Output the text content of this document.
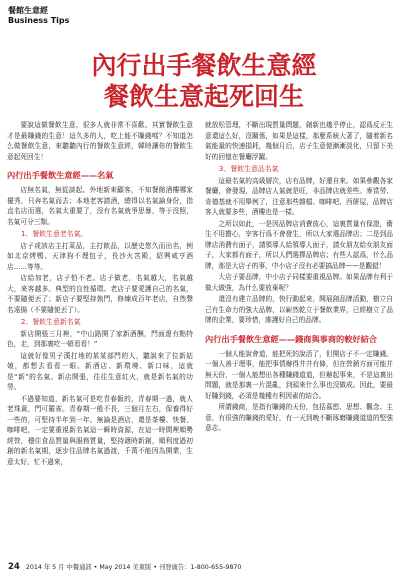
餐館生意經
Business Tips
內行出手餐飲生意經
餐飲生意起死回生

要說這做餐飲生意，很多人就非常不喜歡。其實餐飲生意才是最賺錢的生意！這久多的人，吃上能不賺錢嗎？不知道怎么做餐飲生意，來聽聽內行的餐飲生意經，韓時讓你的餐飲生意起死回生！

內行出手餐飲生意經——名氣

店無名氣，無從談起。外地新來顧客，不知餐館酒樓哪家優秀，只奔名氣而去；本地老客請酒，總得以名氣論身份，指直名店而選，名氣太重要了，沒有名氣就爭思暴，等于沒照，名氣可分三類。

1、餐飲生意老名氣。

店子或該店主打菜品，主打飲品，以歷史悠久而出名，例如北京烤鴨、天津狗不理包子，長沙火宮殿，紹興咸亨酒店……等等。

店給加老，店子怕不老。店子做老，名氣越大，名氣越大，來客越多。典型的良性循環。老店子要愛護自己的名氣，不要隨便丟了；新店子要堅持執門，修煉成百年老店，自然聲名遠揚（不要隨便丟了）。

2、餐飲生意新名氣

新店開張三月裡，“中山路開了家新酒酬，門面遼有點特色，走，到那裏吃一頓看看！”

這就好像男子漢打地的某某部門的人，聽說來了位新姑娘，都想去看看一眼。新酒店、新環境、新口味，這就是“新”的名氣。新店開張，往往生意紅火，就是新名氣的功勞。

不過要知道，新名氣可是吃青春飯的，青春期一過，就人老珠黃，門可羅雀。青春期一般不長，三個月左右，保養得好一些的，可堅持半年到一年。無論是酒店，還是茶樓、快餐、咖啡吧，一定要重視新名氣這一瞬時資源，在這一時間裡順勢經營，穩住食品質量與服務質量，堅持適時新創，順利度過初創的新名氣期，逐步往品牌名氣過渡，千萬不能因為開業，生意太好，忙不過來，

就放松管理，不斷出現質量問題，創新也幾乎停止，認爲反正生意還這么好，沒關係，如果是這樣，那麼系統大著了，隨着新名氣能量的快速損耗，幾個月后，店子生意便漸漸淡化，只留下美好的回憶在餐廳浮躍。

3、餐飲生意品名氣

這最名氣的高級層次，店有品牌，好運自來。如果參觀各家餐廳，會發現，品牌店人氣就是旺，非品牌店就差些。麥當勞、肯德基就不用舉例了，注意那些雜檔、咖啡吧、西餅屋，品牌店客人就要多些，酒樓也是一樣。

之所以如此，一是因品牌店消費放心，這裏質量有保證，衛生不用擔心，宰客行爲不會發生，所以大家選品牌店；二是到品牌店消費有面子，請領導人給領導人面子，請女朋友給女朋友面子，大家都有面子，所以人們選擇品牌店；有些人認爲，什么品牌，那是大店子的事，中小店子沒有必要搞品牌——是觀錯！

大店子要品牌，中小店子同樣要重視品牌。如果品牌有利于做大做強，為什么要放棄呢？

還沒有建立品牌的，快行動起來，開展創品牌活動，樹立自己有生命力的強大品牌，以嶄然乾立于餐飲業界，已經樹立了品牌的企業，要珍惜，維護好自己的品牌。

內行出手餐飲生意經——錢商與事商的較好結合

一個人能說會道，能把死的說活了，但開店子不一定賺錢。一個人善于理事，能把事情辦得井井有條，但在營銷方面可能并無天份，一個人能想出各種賺錢道道，但辦起事來，不是這裏出問題，就是那裏一片混亂，到頭來什么事也沒做成。因此，要最好賺到錢，必須是幾種有利因素的結合。

所謂錢商，是指有賺錢的天份，包括慕慾、思想、觀念、主意，有很強的賺錢的愛好，有一天到晚不斷琢磨賺錢道道的堅強意志。

24 2014 年 5 月 中餐通訊 • May 2014 美東版 • 刊登廣告：1-800-655-9870
